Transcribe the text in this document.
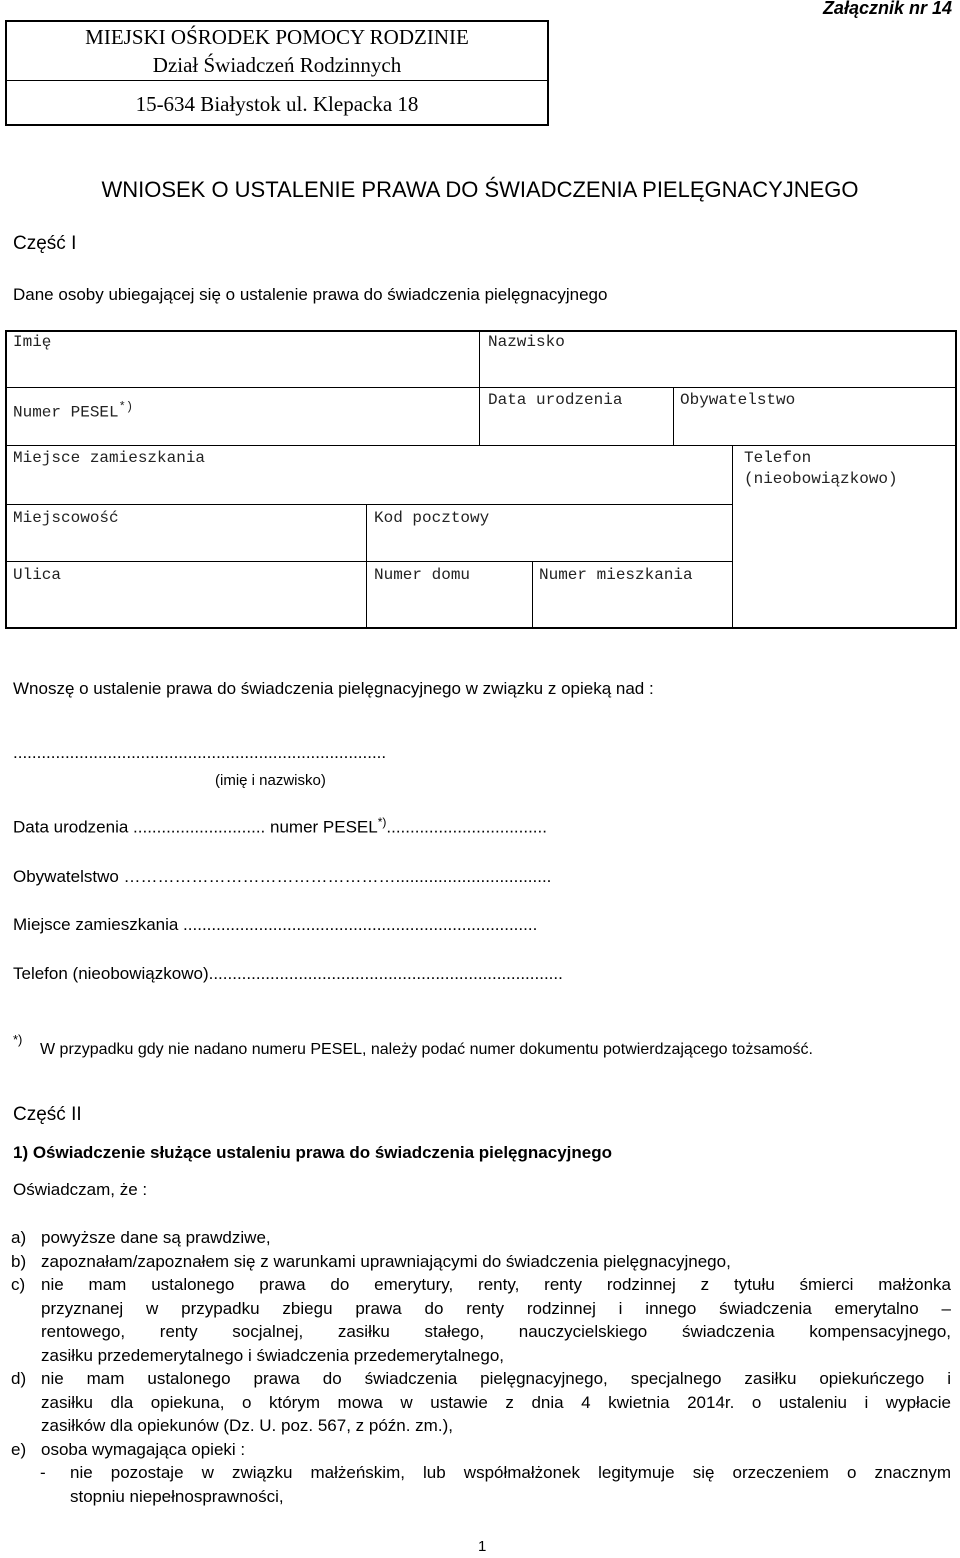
MIEJSKI OŚRODEK POMOCY RODZINIE
Dział Świadczeń Rodzinnych
15-634 Białystok ul. Klepacka 18
Załącznik nr 14
WNIOSEK O USTALENIE PRAWA DO ŚWIADCZENIA PIELĘGNACYJNEGO
Część I
Dane osoby ubiegającej się o ustalenie prawa do świadczenia pielęgnacyjnego
Imię	Nazwisko
Numer PESEL*)	Data urodzenia	Obywatelstwo
Miejsce zamieszkania	Telefon
(nieobowiązkowo)
Miejscowość	Kod pocztowy
Ulica	Numer domu	Numer mieszkania
Wnoszę o ustalenie prawa do świadczenia pielęgnacyjnego w związku z opieką nad :
...............................................................................
(imię i nazwisko)
Data urodzenia ............................ numer PESEL*)..................................
Obywatelstwo ………………………………………….................................
Miejsce zamieszkania ...........................................................................
Telefon (nieobowiązkowo)...........................................................................
*)
W przypadku gdy nie nadano numeru PESEL, należy podać numer dokumentu potwierdzającego tożsamość.
Część II
1) Oświadczenie służące ustaleniu prawa do świadczenia pielęgnacyjnego
Oświadczam, że :
a) powyższe dane są prawdziwe,
b) zapoznałam/zapoznałem się z warunkami uprawniającymi do świadczenia pielęgnacyjnego,
c) nie mam ustalonego prawa do emerytury, renty, renty rodzinnej z tytułu śmierci małżonka
przyznanej w przypadku zbiegu prawa do renty rodzinnej i innego świadczenia emerytalno –
rentowego, renty socjalnej, zasiłku stałego, nauczycielskiego świadczenia kompensacyjnego,
zasiłku przedemerytalnego i świadczenia przedemerytalnego,
d) nie mam ustalonego prawa do świadczenia pielęgnacyjnego, specjalnego zasiłku opiekuńczego i
zasiłku dla opiekuna, o którym mowa w ustawie z dnia 4 kwietnia 2014r. o ustaleniu i wypłacie
zasiłków dla opiekunów (Dz. U. poz. 567, z późn. zm.),
e) osoba wymagająca opieki :
-	nie pozostaje w związku małżeńskim, lub współmałżonek legitymuje się orzeczeniem o znacznym
stopniu niepełnosprawności,
1
